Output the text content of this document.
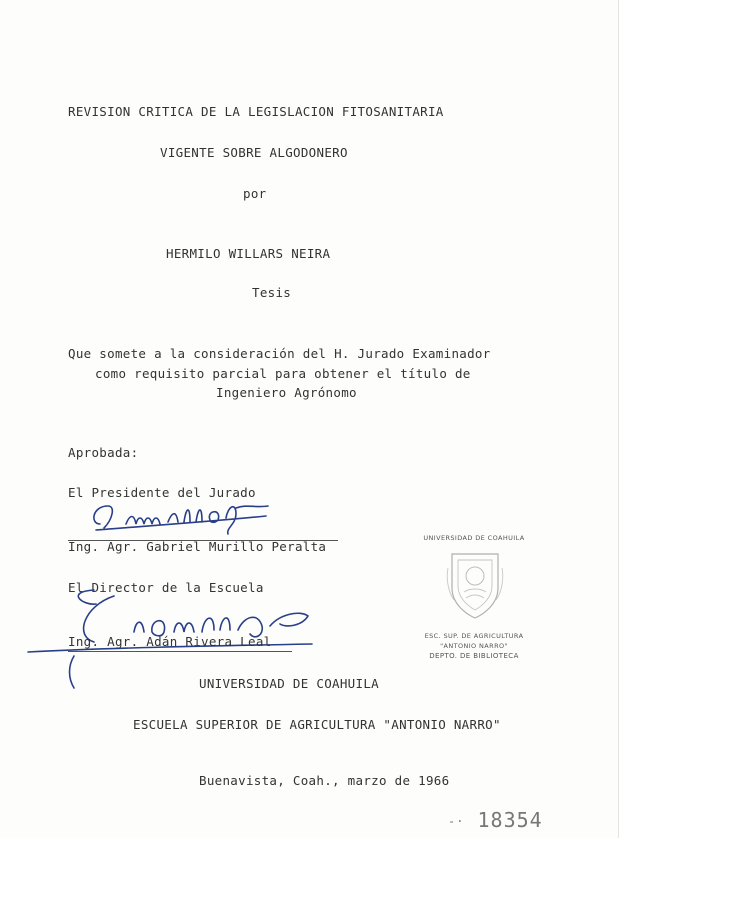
REVISION CRITICA DE LA LEGISLACION FITOSANITARIA
VIGENTE SOBRE ALGODONERO
por
HERMILO WILLARS NEIRA
Tesis
Que somete a la consideración del H. Jurado Examinador
como requisito parcial para obtener el título de
Ingeniero Agrónomo
Aprobada:
El Presidente del Jurado
Ing. Agr. Gabriel Murillo Peralta
El Director de la Escuela
Ing. Agr. Adán Rivera Leal
UNIVERSIDAD DE COAHUILA
ESCUELA SUPERIOR DE AGRICULTURA "ANTONIO NARRO"
Buenavista, Coah., marzo de 1966
UNIVERSIDAD DE COAHUILA
ESC. SUP. DE AGRICULTURA
"ANTONIO NARRO"
DEPTO. DE BIBLIOTECA
-· 18354
